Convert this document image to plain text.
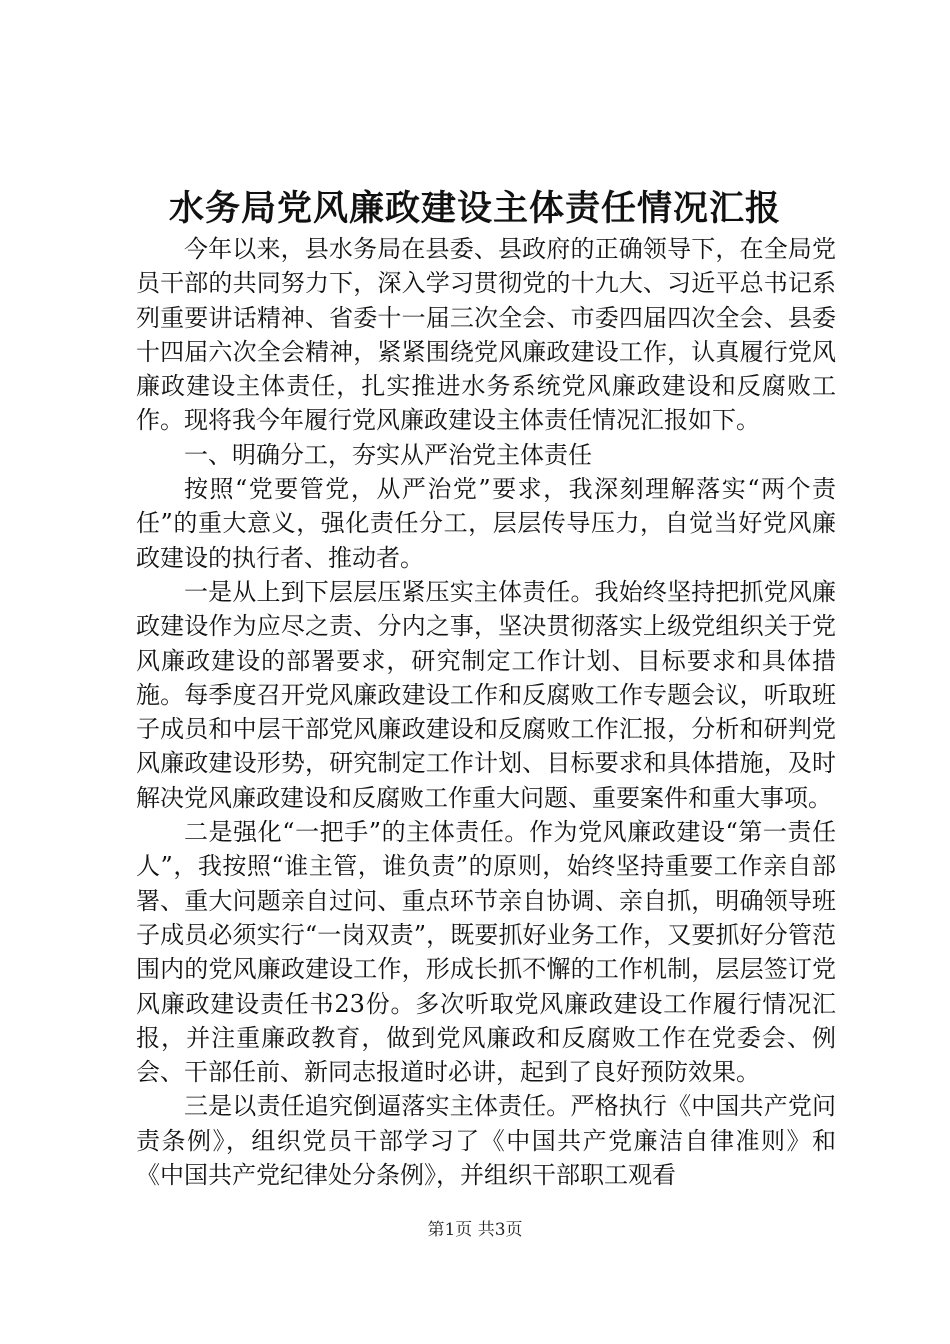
水务局党风廉政建设主体责任情况汇报

今年以来，县水务局在县委、县政府的正确领导下，在全局党员干部的共同努力下，深入学习贯彻党的十九大、习近平总书记系列重要讲话精神、省委十一届三次全会、市委四届四次全会、县委十四届六次全会精神，紧紧围绕党风廉政建设工作，认真履行党风廉政建设主体责任，扎实推进水务系统党风廉政建设和反腐败工作。现将我今年履行党风廉政建设主体责任情况汇报如下。

一、明确分工，夯实从严治党主体责任

按照“党要管党，从严治党”要求，我深刻理解落实“两个责任”的重大意义，强化责任分工，层层传导压力，自觉当好党风廉政建设的执行者、推动者。

一是从上到下层层压紧压实主体责任。我始终坚持把抓党风廉政建设作为应尽之责、分内之事，坚决贯彻落实上级党组织关于党风廉政建设的部署要求，研究制定工作计划、目标要求和具体措施。每季度召开党风廉政建设工作和反腐败工作专题会议，听取班子成员和中层干部党风廉政建设和反腐败工作汇报，分析和研判党风廉政建设形势，研究制定工作计划、目标要求和具体措施，及时解决党风廉政建设和反腐败工作重大问题、重要案件和重大事项。

二是强化“一把手”的主体责任。作为党风廉政建设“第一责任人”，我按照“谁主管，谁负责”的原则，始终坚持重要工作亲自部署、重大问题亲自过问、重点环节亲自协调、亲自抓，明确领导班子成员必须实行“一岗双责”，既要抓好业务工作，又要抓好分管范围内的党风廉政建设工作，形成长抓不懈的工作机制，层层签订党风廉政建设责任书23份。多次听取党风廉政建设工作履行情况汇报，并注重廉政教育，做到党风廉政和反腐败工作在党委会、例会、干部任前、新同志报道时必讲，起到了良好预防效果。

三是以责任追究倒逼落实主体责任。严格执行《中国共产党问责条例》，组织党员干部学习了《中国共产党廉洁自律准则》和《中国共产党纪律处分条例》，并组织干部职工观看

第1页 共3页
